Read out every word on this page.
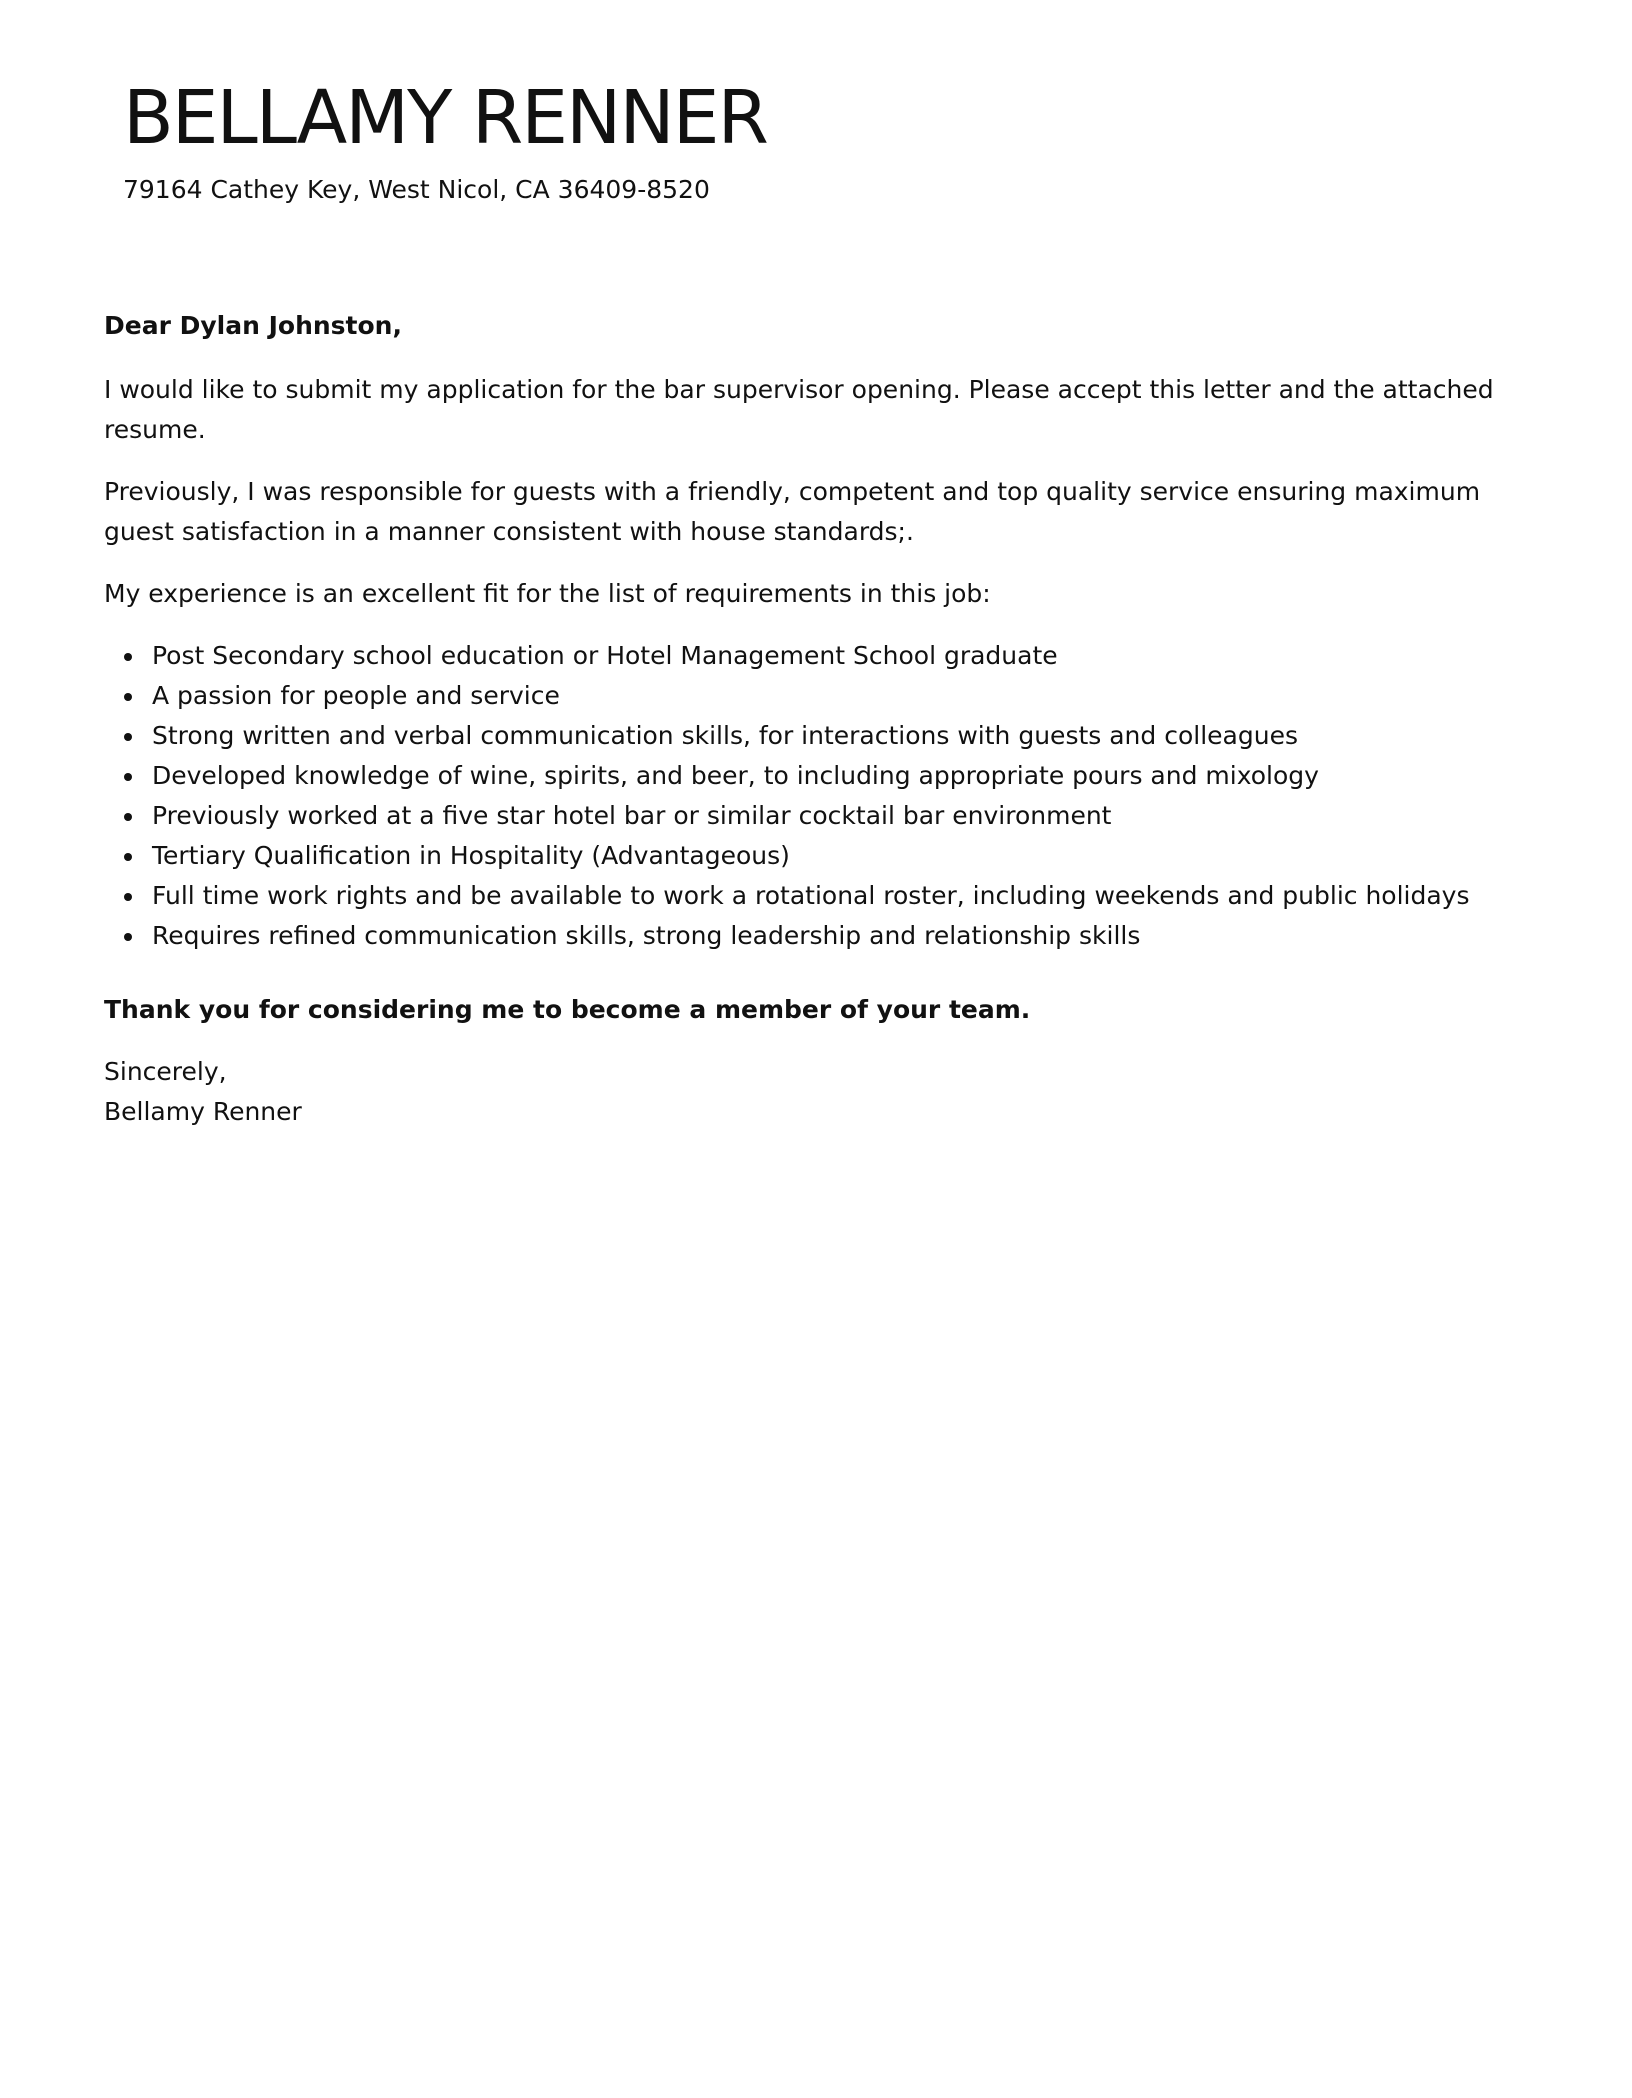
BELLAMY RENNER
79164 Cathey Key, West Nicol, CA 36409-8520

Dear Dylan Johnston,

I would like to submit my application for the bar supervisor opening. Please accept this letter and the attached resume.

Previously, I was responsible for guests with a friendly, competent and top quality service ensuring maximum guest satisfaction in a manner consistent with house standards;.

My experience is an excellent fit for the list of requirements in this job:

Post Secondary school education or Hotel Management School graduate
A passion for people and service
Strong written and verbal communication skills, for interactions with guests and colleagues
Developed knowledge of wine, spirits, and beer, to including appropriate pours and mixology
Previously worked at a five star hotel bar or similar cocktail bar environment
Tertiary Qualification in Hospitality (Advantageous)
Full time work rights and be available to work a rotational roster, including weekends and public holidays
Requires refined communication skills, strong leadership and relationship skills

Thank you for considering me to become a member of your team.

Sincerely,

Bellamy Renner
